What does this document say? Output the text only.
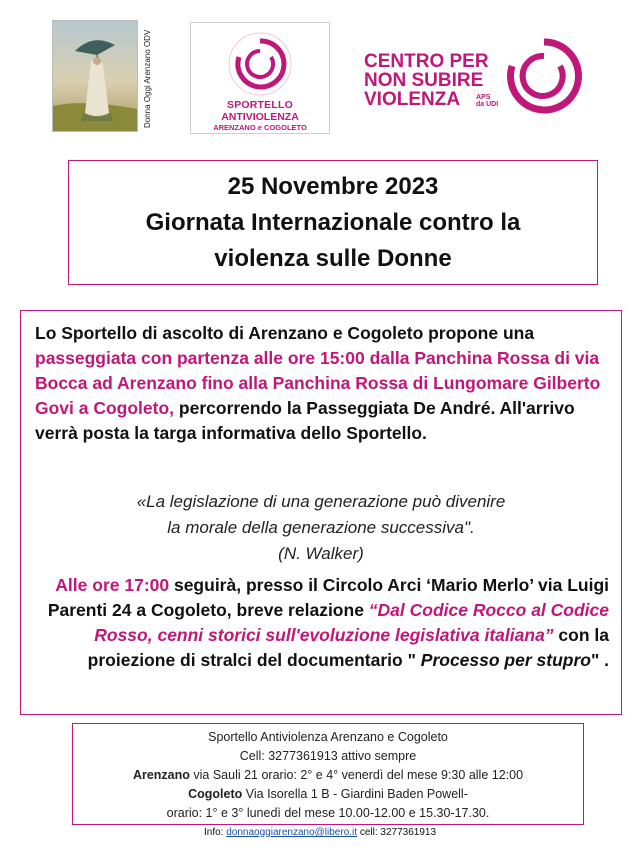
Donna Oggi Arenzano ODV	SPORTELLO
ANTIVIOLENZA
ARENZANO e COGOLETO
CENTRO PER
NON SUBIRE
VIOLENZA	APS
da UDI
25 Novembre 2023
Giornata Internazionale contro la
violenza sulle Donne
Lo Sportello di ascolto di Arenzano e Cogoleto propone una passeggiata con partenza alle ore 15:00 dalla Panchina Rossa di via Bocca ad Arenzano fino alla Panchina Rossa di Lungomare Gilberto Govi a Cogoleto, percorrendo la Passeggiata De André. All'arrivo verrà posta la targa informativa dello Sportello.
«La legislazione di una generazione può divenire
la morale della generazione successiva".
(N. Walker)
Alle ore 17:00 seguirà, presso il Circolo Arci ‘Mario Merlo’ via Luigi Parenti 24 a Cogoleto, breve relazione “Dal Codice Rocco al Codice Rosso, cenni storici sull'evoluzione legislativa italiana” con la proiezione di stralci del documentario " Processo per stupro" .
Sportello Antiviolenza Arenzano e Cogoleto
Cell: 3277361913 attivo sempre
Arenzano via Sauli 21 orario: 2° e 4° venerdì del mese 9:30 alle 12:00
Cogoleto Via Isorella 1 B - Giardini Baden Powell-
orario: 1° e 3° lunedì del mese 10.00-12.00 e 15.30-17.30.
Info: donnaoggiarenzano@libero.it cell: 3277361913
